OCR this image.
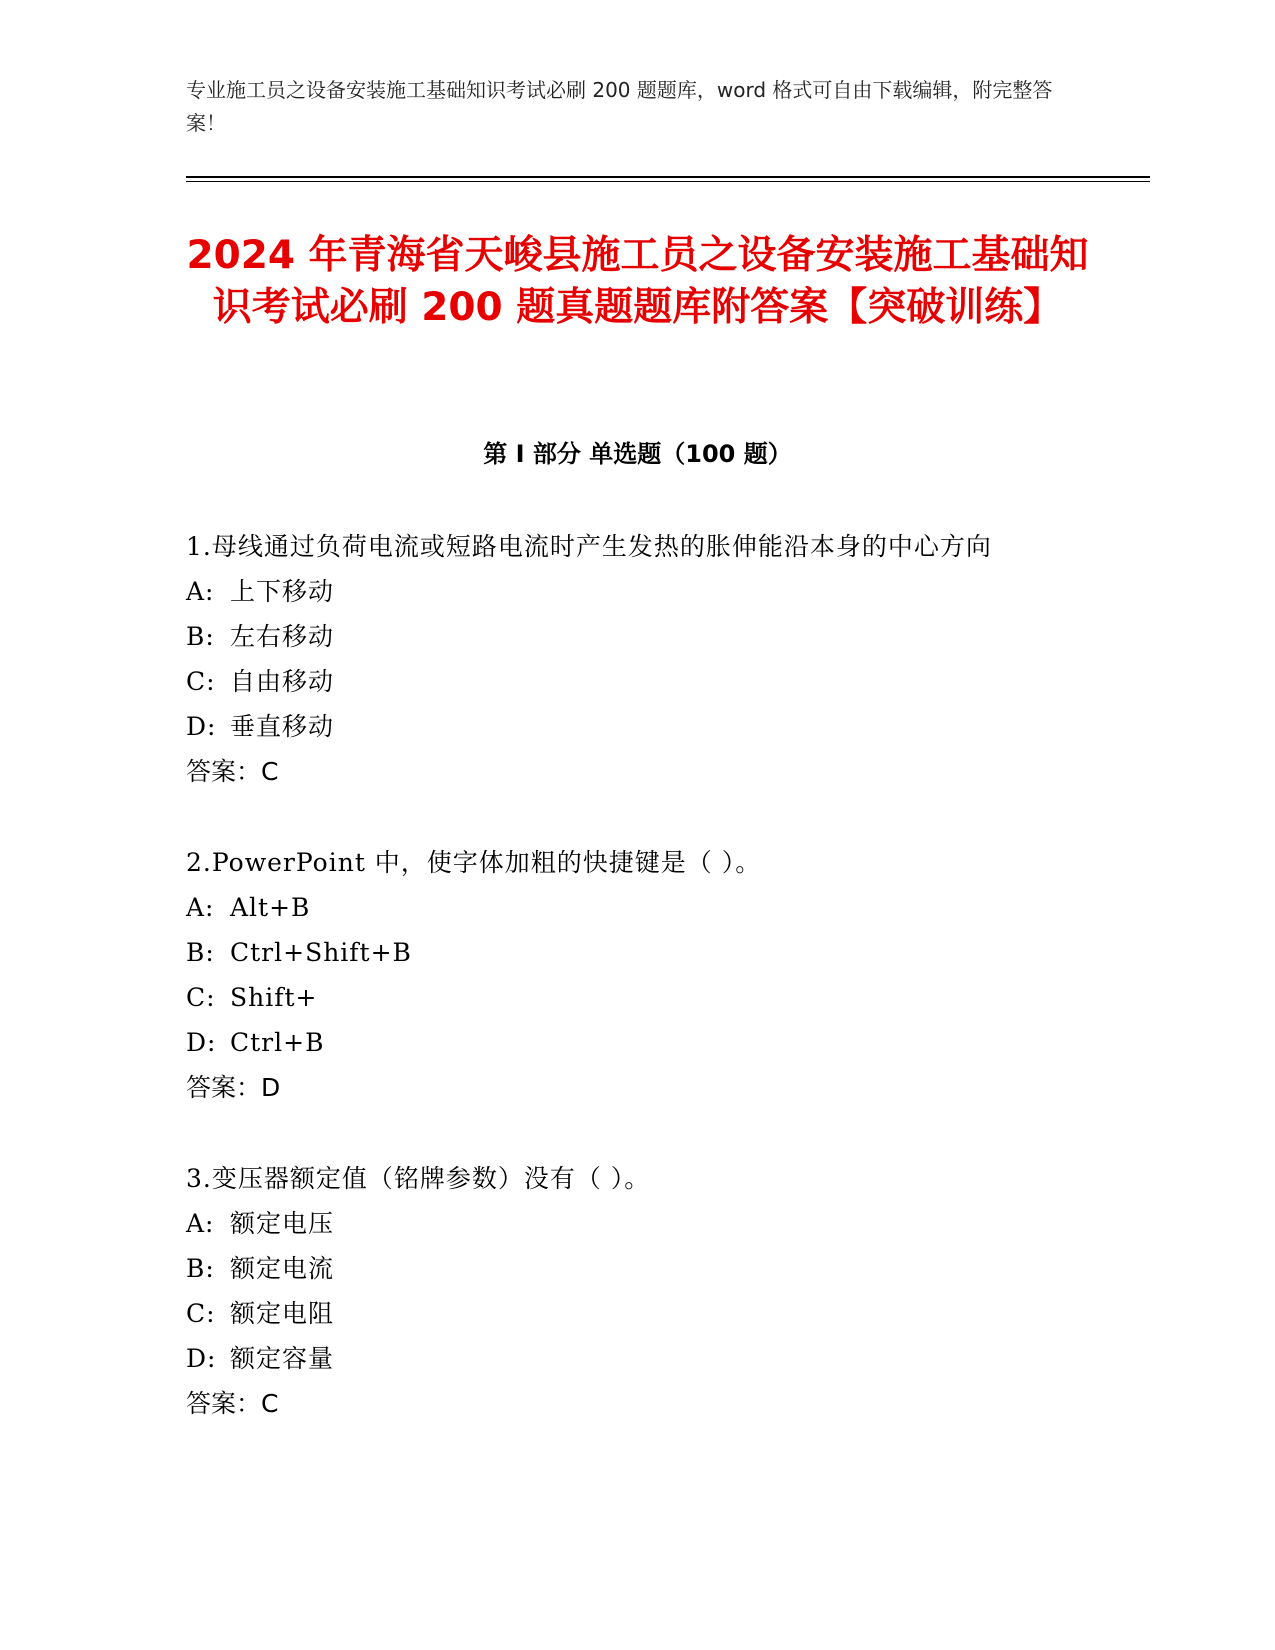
专业施工员之设备安装施工基础知识考试必刷 200 题题库，word 格式可自由下载编辑，附完整答案！
2024 年青海省天峻县施工员之设备安装施工基础知识考试必刷 200 题真题题库附答案【突破训练】
第 I 部分 单选题（100 题）

1.母线通过负荷电流或短路电流时产生发热的胀伸能沿本身的中心方向

A: 上下移动

B: 左右移动

C: 自由移动

D: 垂直移动

答案：C

2.PowerPoint 中，使字体加粗的快捷键是（ ）。

A: Alt+B

B: Ctrl+Shift+B

C: Shift+

D: Ctrl+B

答案：D

3.变压器额定值（铭牌参数）没有（ ）。

A: 额定电压

B: 额定电流

C: 额定电阻

D: 额定容量

答案：C
